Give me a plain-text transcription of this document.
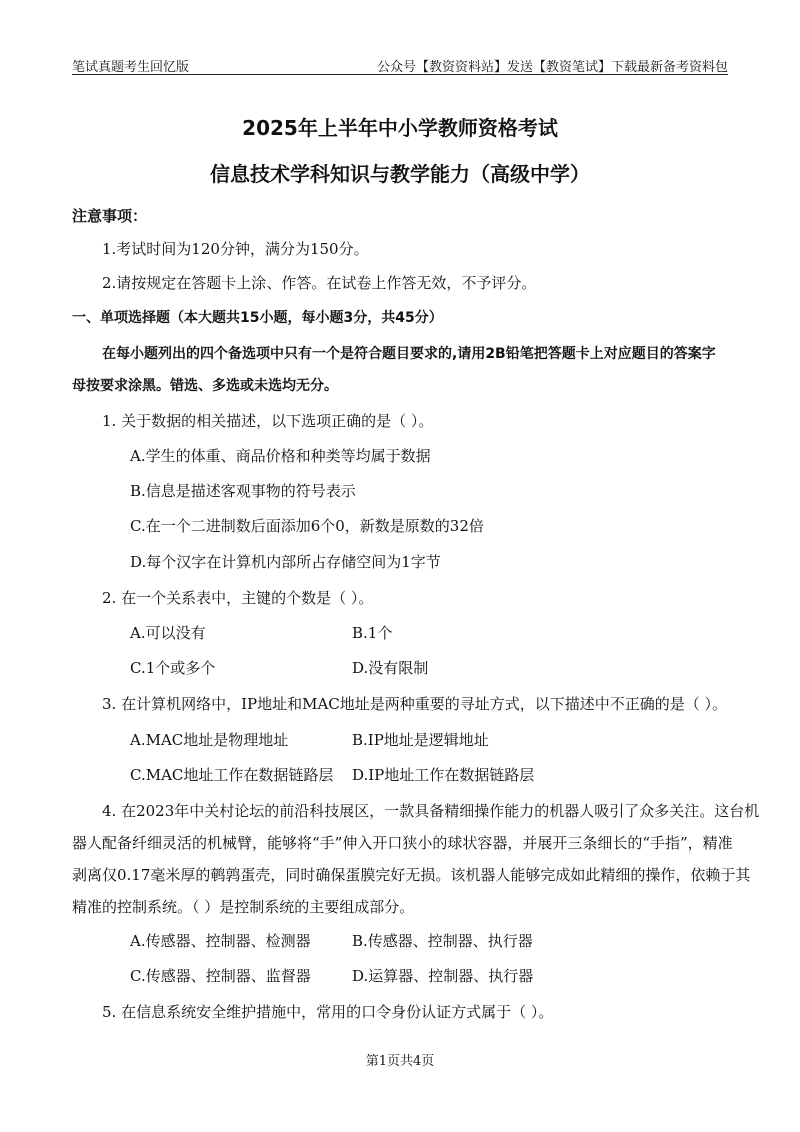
笔试真题考生回忆版	公众号【教资资料站】发送【教资笔试】下载最新备考资料包
2025年上半年中小学教师资格考试
信息技术学科知识与教学能力（高级中学）
注意事项：
1.考试时间为120分钟，满分为150分。
2.请按规定在答题卡上涂、作答。在试卷上作答无效，不予评分。
一、单项选择题（本大题共15小题，每小题3分，共45分）
在每小题列出的四个备选项中只有一个是符合题目要求的,请用2B铅笔把答题卡上对应题目的答案字
母按要求涂黑。错选、多选或未选均无分。
1. 关于数据的相关描述，以下选项正确的是（ ）。
A.学生的体重、商品价格和种类等均属于数据
B.信息是描述客观事物的符号表示
C.在一个二进制数后面添加6个0，新数是原数的32倍
D.每个汉字在计算机内部所占存储空间为1字节
2. 在一个关系表中，主键的个数是（ ）。
A.可以没有	B.1个
C.1个或多个	D.没有限制
3. 在计算机网络中，IP地址和MAC地址是两种重要的寻址方式，以下描述中不正确的是（ ）。
A.MAC地址是物理地址	B.IP地址是逻辑地址
C.MAC地址工作在数据链路层 D.IP地址工作在数据链路层
4. 在2023年中关村论坛的前沿科技展区，一款具备精细操作能力的机器人吸引了众多关注。这台机
器人配备纤细灵活的机械臂，能够将“手”伸入开口狭小的球状容器，并展开三条细长的“手指”，精准
剥离仅0.17毫米厚的鹌鹑蛋壳，同时确保蛋膜完好无损。该机器人能够完成如此精细的操作，依赖于其
精准的控制系统。（ ）是控制系统的主要组成部分。
A.传感器、控制器、检测器	B.传感器、控制器、执行器
C.传感器、控制器、监督器	D.运算器、控制器、执行器
5. 在信息系统安全维护措施中，常用的口令身份认证方式属于（ ）。
第1页共4页
